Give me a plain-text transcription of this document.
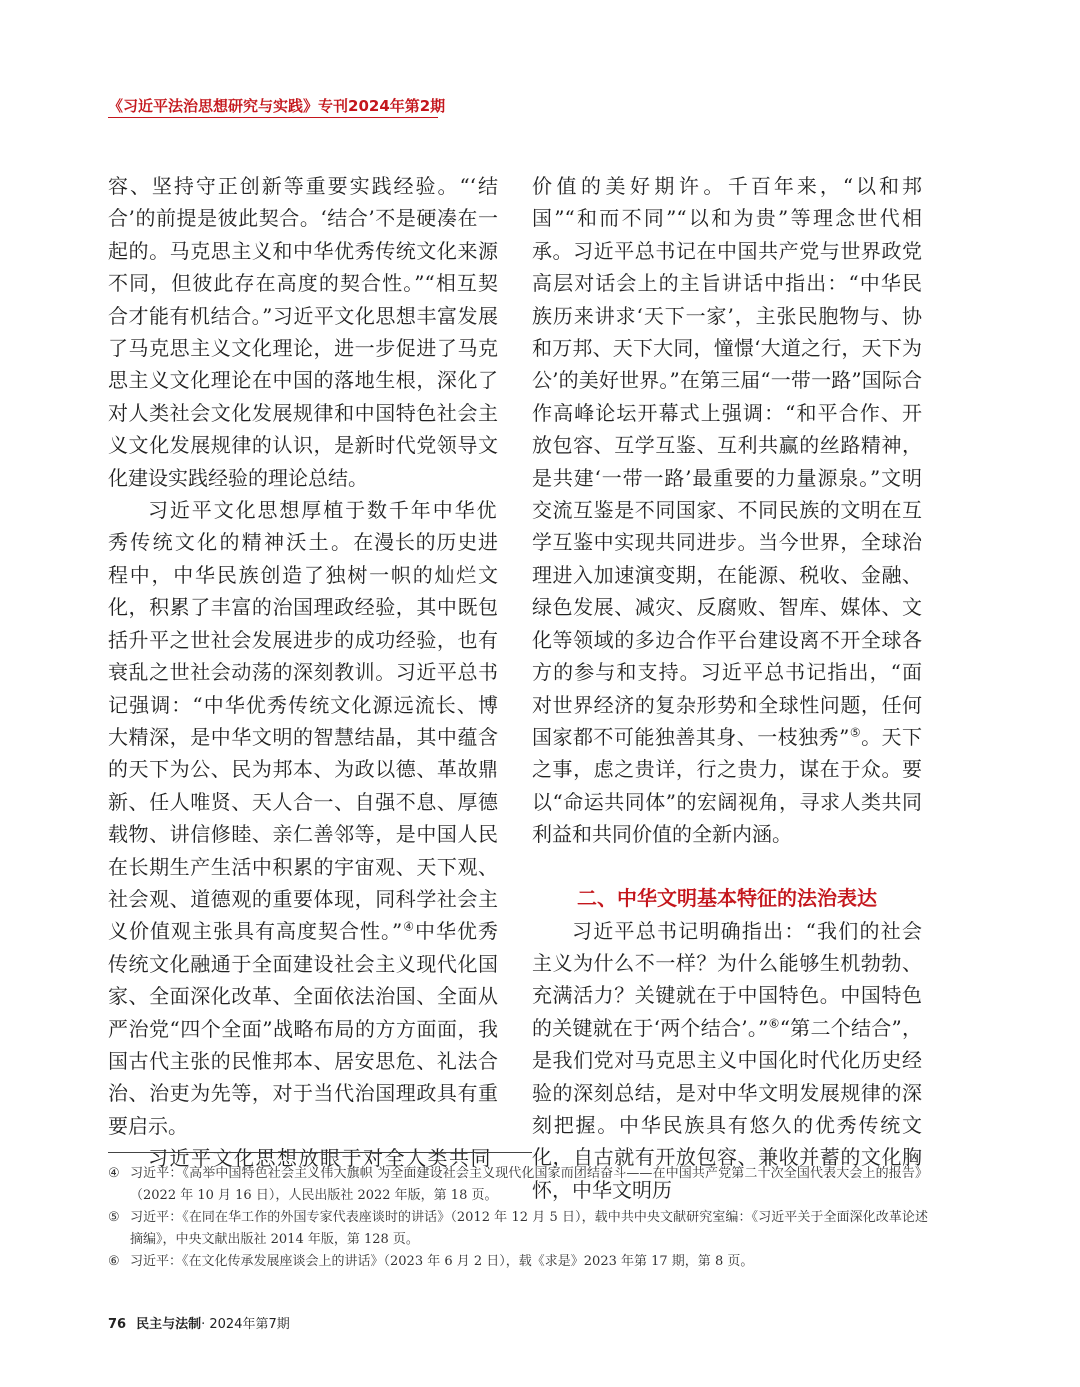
《习近平法治思想研究与实践》专刊2024年第2期

容、坚持守正创新等重要实践经验。“‘结合’的前提是彼此契合。‘结合’不是硬凑在一起的。马克思主义和中华优秀传统文化来源不同，但彼此存在高度的契合性。”“相互契合才能有机结合。”习近平文化思想丰富发展了马克思主义文化理论，进一步促进了马克思主义文化理论在中国的落地生根，深化了对人类社会文化发展规律和中国特色社会主义文化发展规律的认识，是新时代党领导文化建设实践经验的理论总结。

习近平文化思想厚植于数千年中华优秀传统文化的精神沃土。在漫长的历史进程中，中华民族创造了独树一帜的灿烂文化，积累了丰富的治国理政经验，其中既包括升平之世社会发展进步的成功经验，也有衰乱之世社会动荡的深刻教训。习近平总书记强调：“中华优秀传统文化源远流长、博大精深，是中华文明的智慧结晶，其中蕴含的天下为公、民为邦本、为政以德、革故鼎新、任人唯贤、天人合一、自强不息、厚德载物、讲信修睦、亲仁善邻等，是中国人民在长期生产生活中积累的宇宙观、天下观、社会观、道德观的重要体现，同科学社会主义价值观主张具有高度契合性。”④中华优秀传统文化融通于全面建设社会主义现代化国家、全面深化改革、全面依法治国、全面从严治党“四个全面”战略布局的方方面面，我国古代主张的民惟邦本、居安思危、礼法合治、治吏为先等，对于当代治国理政具有重要启示。

习近平文化思想放眼于对全人类共同

价值的美好期许。千百年来，“以和邦国”“和而不同”“以和为贵”等理念世代相承。习近平总书记在中国共产党与世界政党高层对话会上的主旨讲话中指出：“中华民族历来讲求‘天下一家’，主张民胞物与、协和万邦、天下大同，憧憬‘大道之行，天下为公’的美好世界。”在第三届“一带一路”国际合作高峰论坛开幕式上强调：“和平合作、开放包容、互学互鉴、互利共赢的丝路精神，是共建‘一带一路’最重要的力量源泉。”文明交流互鉴是不同国家、不同民族的文明在互学互鉴中实现共同进步。当今世界，全球治理进入加速演变期，在能源、税收、金融、绿色发展、减灾、反腐败、智库、媒体、文化等领域的多边合作平台建设离不开全球各方的参与和支持。习近平总书记指出，“面对世界经济的复杂形势和全球性问题，任何国家都不可能独善其身、一枝独秀”⑤。天下之事，虑之贵详，行之贵力，谋在于众。要以“命运共同体”的宏阔视角，寻求人类共同利益和共同价值的全新内涵。

二、中华文明基本特征的法治表达

习近平总书记明确指出：“我们的社会主义为什么不一样？为什么能够生机勃勃、充满活力？关键就在于中国特色。中国特色的关键就在于‘两个结合’。”⑥“第二个结合”，是我们党对马克思主义中国化时代化历史经验的深刻总结，是对中华文明发展规律的深刻把握。中华民族具有悠久的优秀传统文化，自古就有开放包容、兼收并蓄的文化胸怀，中华文明历

④ 习近平：《高举中国特色社会主义伟大旗帜 为全面建设社会主义现代化国家而团结奋斗——在中国共产党第二十次全国代表大会上的报告》（2022 年 10 月 16 日），人民出版社 2022 年版，第 18 页。

⑤ 习近平：《在同在华工作的外国专家代表座谈时的讲话》（2012 年 12 月 5 日），载中共中央文献研究室编：《习近平关于全面深化改革论述摘编》，中央文献出版社 2014 年版，第 128 页。

⑥ 习近平：《在文化传承发展座谈会上的讲话》（2023 年 6 月 2 日），载《求是》2023 年第 17 期，第 8 页。

76 民主与法制· 2024年第7期
